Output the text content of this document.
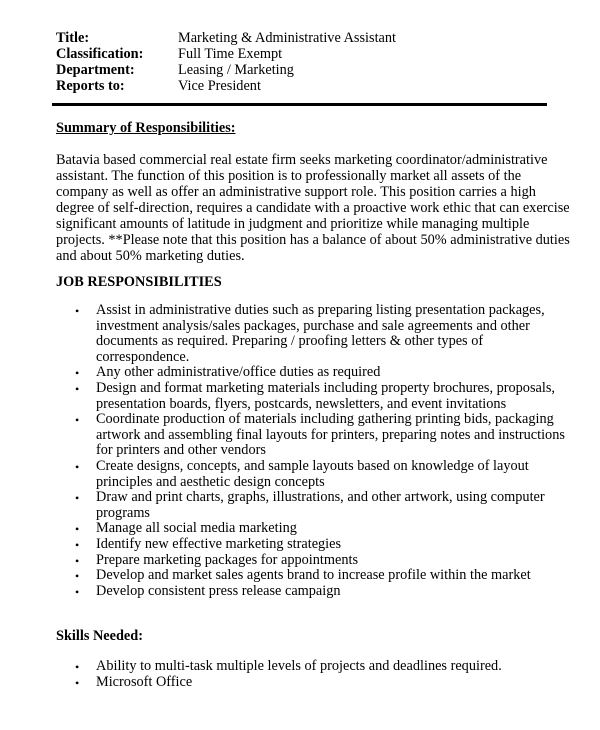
Title:	Marketing & Administrative Assistant
Classification:	Full Time Exempt
Department:	Leasing / Marketing
Reports to:	Vice President
Summary of Responsibilities:

Batavia based commercial real estate firm seeks marketing coordinator/administrative
assistant. The function of this position is to professionally market all assets of the
company as well as offer an administrative support role. This position carries a high
degree of self-direction, requires a candidate with a proactive work ethic that can exercise
significant amounts of latitude in judgment and prioritize while managing multiple
projects. **Please note that this position has a balance of about 50% administrative duties
and about 50% marketing duties.

JOB RESPONSIBILITIES
• Assist in administrative duties such as preparing listing presentation packages,
investment analysis/sales packages, purchase and sale agreements and other
documents as required. Preparing / proofing letters & other types of
correspondence.
• Any other administrative/office duties as required
• Design and format marketing materials including property brochures, proposals,
presentation boards, flyers, postcards, newsletters, and event invitations
• Coordinate production of materials including gathering printing bids, packaging
artwork and assembling final layouts for printers, preparing notes and instructions
for printers and other vendors
• Create designs, concepts, and sample layouts based on knowledge of layout
principles and aesthetic design concepts
• Draw and print charts, graphs, illustrations, and other artwork, using computer
programs
• Manage all social media marketing
• Identify new effective marketing strategies
• Prepare marketing packages for appointments
• Develop and market sales agents brand to increase profile within the market
• Develop consistent press release campaign
Skills Needed:
• Ability to multi-task multiple levels of projects and deadlines required.
• Microsoft Office
